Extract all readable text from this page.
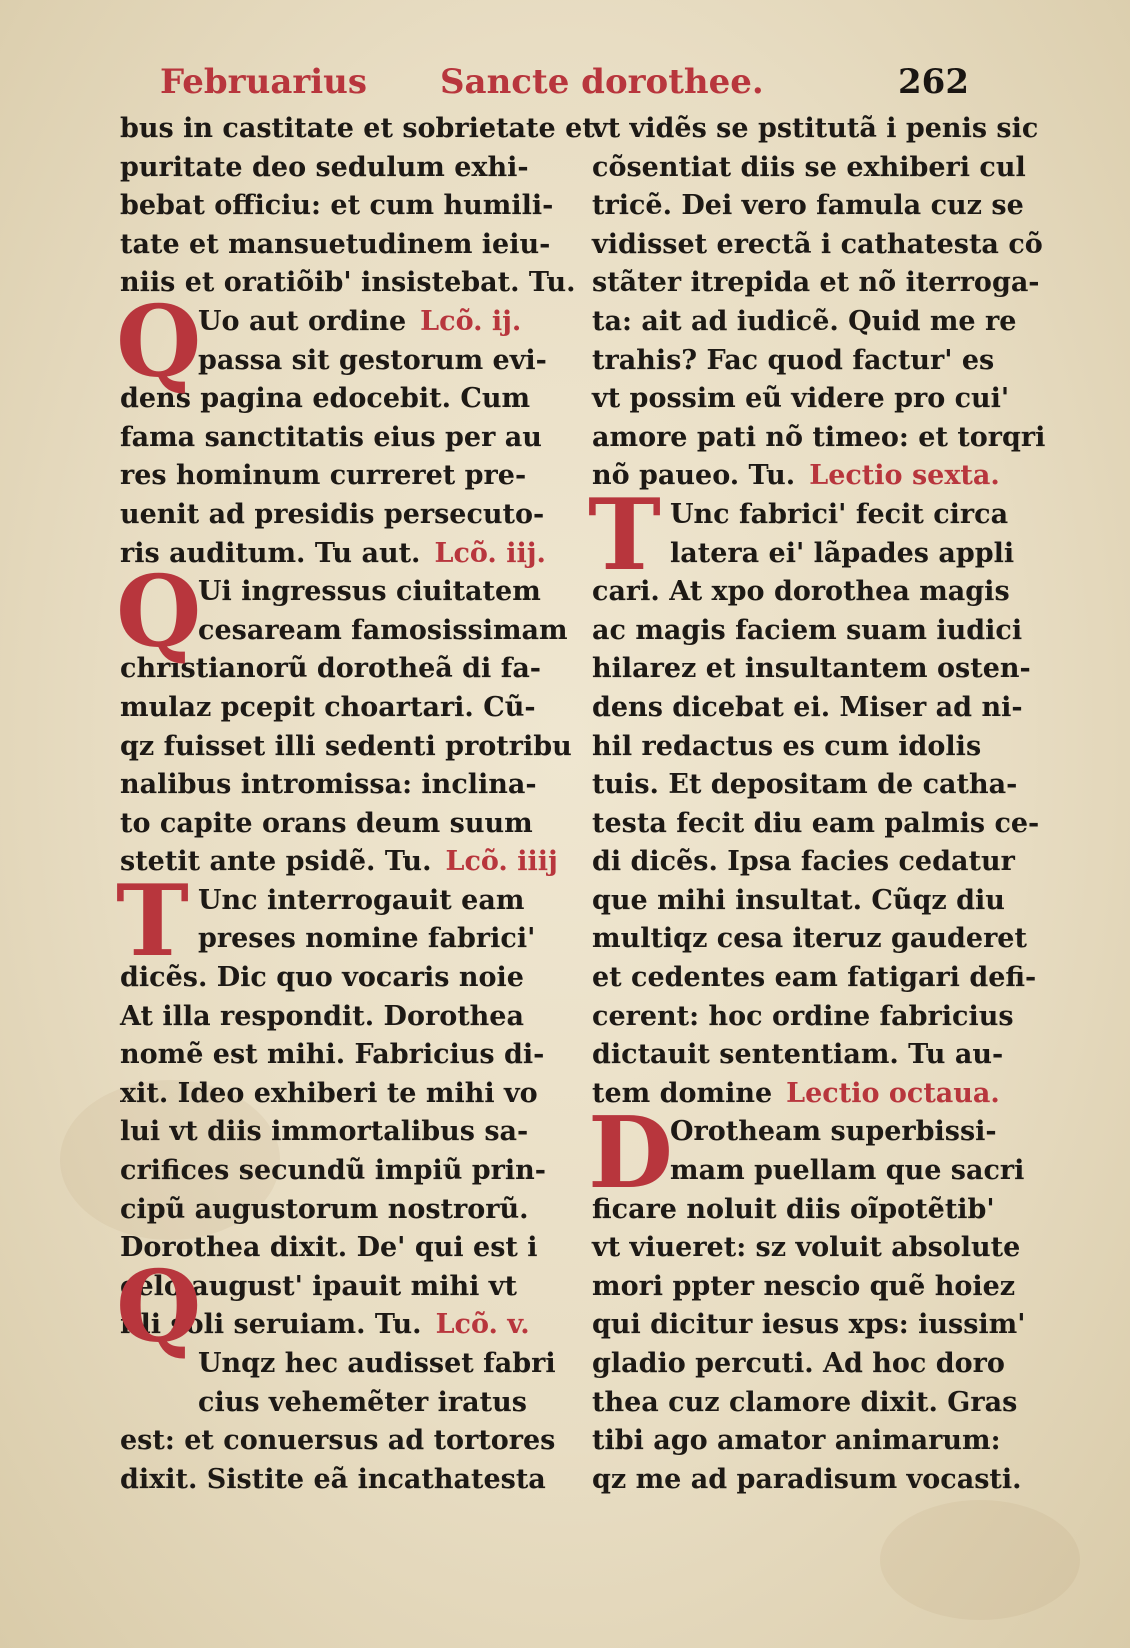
Februarius Sancte dorothee.	262
bus in castitate et sobrietate et
puritate deo sedulum exhi-
bebat officiu: et cum humili-
tate et mansuetudinem ieiu-
niis et oratiõib' insistebat. Tu.
Uo aut ordine Lcõ. ij.
passa sit gestorum evi-
dens pagina edocebit. Cum
fama sanctitatis eius per au
res hominum curreret pre-
uenit ad presidis persecuto-
ris auditum. Tu aut. Lcõ. iij.
Ui ingressus ciuitatem
cesaream famosissimam
christianorũ dorotheã di fa-
mulaz pcepit choartari. Cũ-
qz fuisset illi sedenti protribu
nalibus intromissa: inclina-
to capite orans deum suum
stetit ante psidẽ. Tu. Lcõ. iiij
Unc interrogauit eam
preses nomine fabrici'
dicẽs. Dic quo vocaris noie
At illa respondit. Dorothea
nomẽ est mihi. Fabricius di-
xit. Ideo exhiberi te mihi vo
lui vt diis immortalibus sa-
crifices secundũ impiũ prin-
cipũ augustorum nostrorũ.
Dorothea dixit. De' qui est i
celo august' ipauit mihi vt
illi soli seruiam. Tu. Lcõ. v.
Unqz hec audisset fabri
cius vehemẽter iratus
est: et conuersus ad tortores
dixit. Sistite eã incathatesta
vt vidẽs se pstitutã i penis sic
cõsentiat diis se exhiberi cul
tricẽ. Dei vero famula cuz se
vidisset erectã i cathatesta cõ
stãter itrepida et nõ iterroga-
ta: ait ad iudicẽ. Quid me re
trahis? Fac quod factur' es
vt possim eũ videre pro cui'
amore pati nõ timeo: et torqri
nõ paueo. Tu. Lectio sexta.
Unc fabrici' fecit circa
latera ei' lãpades appli
cari. At xpo dorothea magis
ac magis faciem suam iudici
hilarez et insultantem osten-
dens dicebat ei. Miser ad ni-
hil redactus es cum idolis
tuis. Et depositam de catha-
testa fecit diu eam palmis ce-
di dicẽs. Ipsa facies cedatur
que mihi insultat. Cũqz diu
multiqz cesa iteruz gauderet
et cedentes eam fatigari defi-
cerent: hoc ordine fabricius
dictauit sententiam. Tu au-
tem domine Lectio octaua.
Orotheam superbissi-
mam puellam que sacri
ficare noluit diis oĩpotẽtib'
vt viueret: sz voluit absolute
mori ppter nescio quẽ hoiez
qui dicitur iesus xps: iussim'
gladio percuti. Ad hoc doro
thea cuz clamore dixit. Gras
tibi ago amator animarum:
qz me ad paradisum vocasti.
Q
Q
T
Q
T
D
